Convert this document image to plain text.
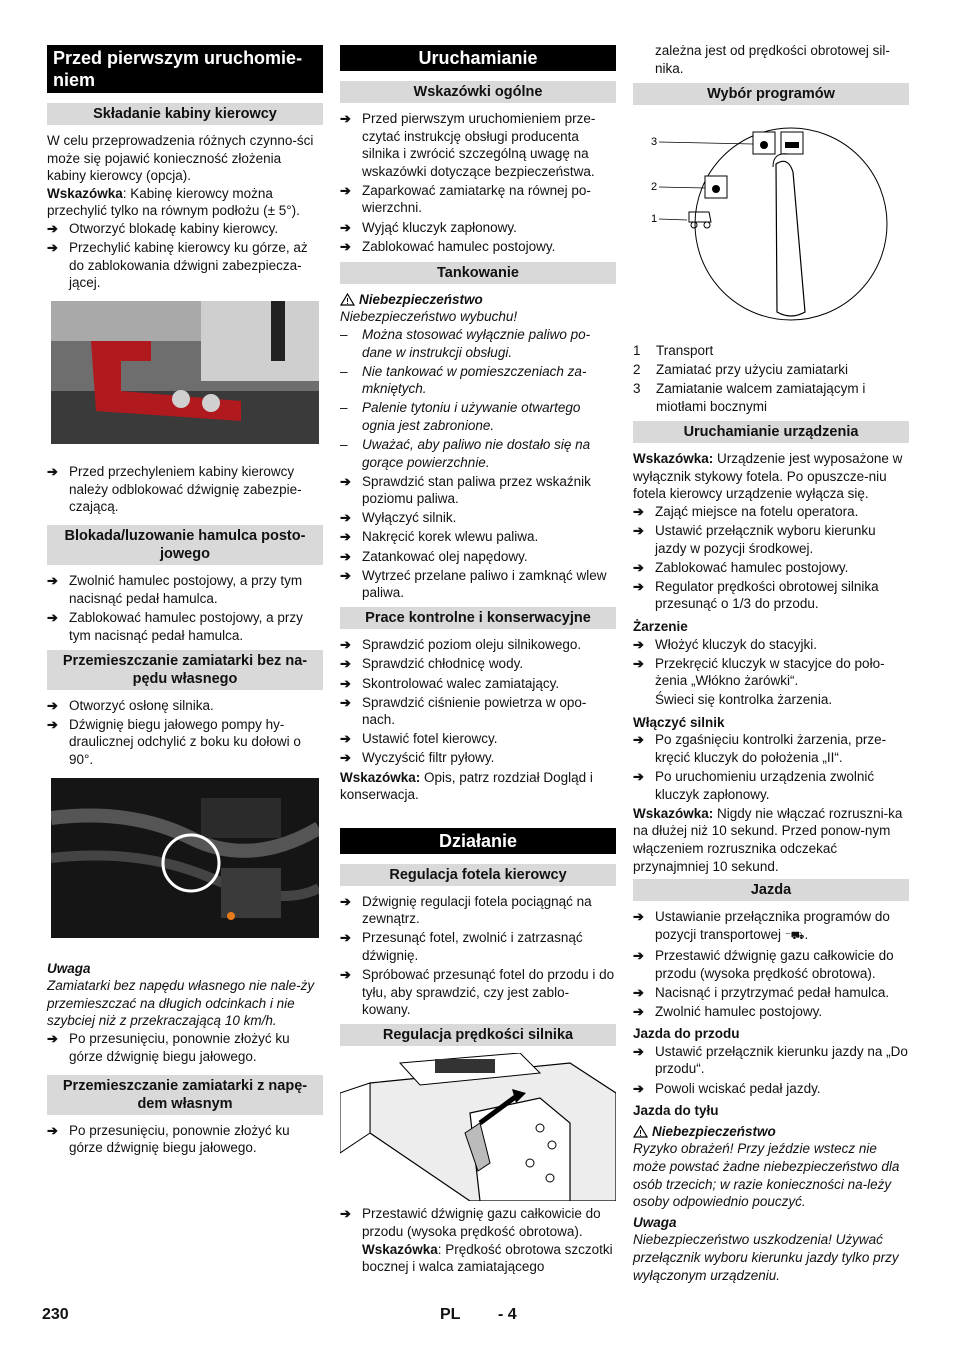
Przed pierwszym uruchomie-niem
Składanie kabiny kierowcy

W celu przeprowadzenia różnych czynno-ści może się pojawić konieczność złożenia kabiny kierowcy (opcja).

Wskazówka: Kabinę kierowcy można przechylić tylko na równym podłożu (± 5°).

➔ Otworzyć blokadę kabiny kierowcy.
➔ Przechylić kabinę kierowcy ku górze, aż do zablokowania dźwigni zabezpiecza-jącej.
➔ Przed przechyleniem kabiny kierowcy należy odblokować dźwignię zabezpie-czającą.
Blokada/luzowanie hamulca posto-jowego
➔ Zwolnić hamulec postojowy, a przy tym nacisnąć pedał hamulca.
➔ Zablokować hamulec postojowy, a przy tym nacisnąć pedał hamulca.
Przemieszczanie zamiatarki bez na-pędu własnego
➔ Otworzyć osłonę silnika.
➔ Dźwignię biegu jałowego pompy hy-draulicznej odchylić z boku ku dołowi o 90°.
Uwaga

Zamiatarki bez napędu własnego nie nale-ży przemieszczać na długich odcinkach i nie szybciej niż z przekraczającą 10 km/h.

➔ Po przesunięciu, ponownie złożyć ku górze dźwignię biegu jałowego.
Przemieszczanie zamiatarki z napę-dem własnym
➔ Po przesunięciu, ponownie złożyć ku górze dźwignię biegu jałowego.
Uruchamianie
Wskazówki ogólne
➔ Przed pierwszym uruchomieniem prze-czytać instrukcję obsługi producenta silnika i zwrócić szczególną uwagę na wskazówki dotyczące bezpieczeństwa.
➔ Zaparkować zamiatarkę na równej po-wierzchni.
➔ Wyjąć kluczyk zapłonowy.
➔ Zablokować hamulec postojowy.
Tankowanie
Niebezpieczeństwo

Niebezpieczeństwo wybuchu!

– Można stosować wyłącznie paliwo po-dane w instrukcji obsługi.
– Nie tankować w pomieszczeniach za-mkniętych.
– Palenie tytoniu i używanie otwartego ognia jest zabronione.
– Uważać, aby paliwo nie dostało się na gorące powierzchnie.
➔ Sprawdzić stan paliwa przez wskaźnik poziomu paliwa.
➔ Wyłączyć silnik.
➔ Nakręcić korek wlewu paliwa.
➔ Zatankować olej napędowy.
➔ Wytrzeć przelane paliwo i zamknąć wlew paliwa.
Prace kontrolne i konserwacyjne
➔ Sprawdzić poziom oleju silnikowego.
➔ Sprawdzić chłodnicę wody.
➔ Skontrolować walec zamiatający.
➔ Sprawdzić ciśnienie powietrza w opo-nach.
➔ Ustawić fotel kierowcy.
➔ Wyczyścić filtr pyłowy.

Wskazówka: Opis, patrz rozdział Dogląd i konserwacja.

Działanie
Regulacja fotela kierowcy
➔ Dźwignię regulacji fotela pociągnąć na zewnątrz.
➔ Przesunąć fotel, zwolnić i zatrzasnąć dźwignię.
➔ Spróbować przesunąć fotel do przodu i do tyłu, aby sprawdzić, czy jest zablo-kowany.
Regulacja prędkości silnika
➔ Przestawić dźwignię gazu całkowicie do przodu (wysoka prędkość obrotowa).
Wskazówka: Prędkość obrotowa szczotki bocznej i walca zamiatającego

zależna jest od prędkości obrotowej sil-nika.

Wybór programów
3
2
1
1 Transport
2 Zamiatać przy użyciu zamiatarki
3 Zamiatanie walcem zamiatającym i miotłami bocznymi
Uruchamianie urządzenia

Wskazówka: Urządzenie jest wyposażone w wyłącznik stykowy fotela. Po opuszcze-niu fotela kierowcy urządzenie wyłącza się.

➔ Zająć miejsce na fotelu operatora.
➔ Ustawić przełącznik wyboru kierunku jazdy w pozycji środkowej.
➔ Zablokować hamulec postojowy.
➔ Regulator prędkości obrotowej silnika przesunąć o 1/3 do przodu.
Żarzenie
➔ Włożyć kluczyk do stacyjki.
➔ Przekręcić kluczyk w stacyjce do poło-żenia „Włókno żarówki“.

Świeci się kontrolka żarzenia.

Włączyć silnik
➔ Po zgaśnięciu kontrolki żarzenia, prze-kręcić kluczyk do położenia „II“.
➔ Po uruchomieniu urządzenia zwolnić kluczyk zapłonowy.

Wskazówka: Nigdy nie włączać rozruszni-ka na dłużej niż 10 sekund. Przed ponow-nym włączeniem rozrusznika odczekać przynajmniej 10 sekund.

Jazda
➔ Ustawianie przełącznika programów do pozycji transportowej ⁻⛟.
➔ Przestawić dźwignię gazu całkowicie do przodu (wysoka prędkość obrotowa).
➔ Nacisnąć i przytrzymać pedał hamulca.
➔ Zwolnić hamulec postojowy.
Jazda do przodu
➔ Ustawić przełącznik kierunku jazdy na „Do przodu“.
➔ Powoli wciskać pedał jazdy.
Jazda do tyłu
Niebezpieczeństwo

Ryzyko obrażeń! Przy jeździe wstecz nie może powstać żadne niebezpieczeństwo dla osób trzecich; w razie konieczności na-leży osoby odpowiednio pouczyć.

Uwaga

Niebezpieczeństwo uszkodzenia! Używać przełącznik wyboru kierunku jazdy tylko przy wyłączonym urządzeniu.

230	PL - 4
